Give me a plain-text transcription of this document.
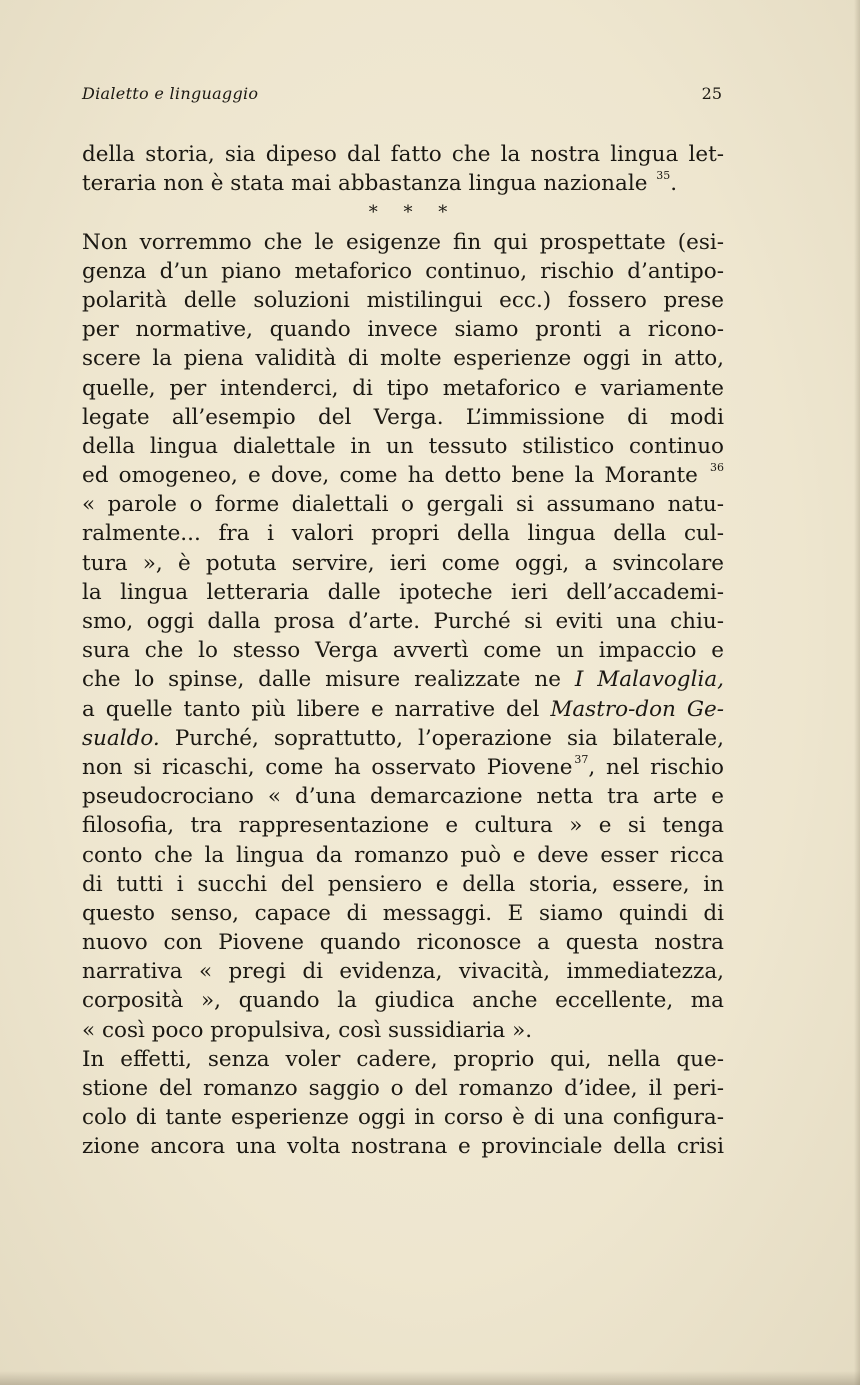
Dialetto e linguaggio	25
della storia, sia dipeso dal fatto che la nostra lingua let-
teraria non è stata mai abbastanza lingua nazionale $^{35}$.
* * *
Non vorremmo che le esigenze fin qui prospettate (esi-
genza d’un piano metaforico continuo, rischio d’antipo-
polarità delle soluzioni mistilingui ecc.) fossero prese
per normative, quando invece siamo pronti a ricono-
scere la piena validità di molte esperienze oggi in atto,
quelle, per intenderci, di tipo metaforico e variamente
legate all’esempio del Verga. L’immissione di modi
della lingua dialettale in un tessuto stilistico continuo
ed omogeneo, e dove, come ha detto bene la Morante $^{36}$
« parole o forme dialettali o gergali si assumano natu-
ralmente... fra i valori propri della lingua della cul-
tura », è potuta servire, ieri come oggi, a svincolare
la lingua letteraria dalle ipoteche ieri dell’accademi-
smo, oggi dalla prosa d’arte. Purché si eviti una chiu-
sura che lo stesso Verga avvertì come un impaccio e
che lo spinse, dalle misure realizzate ne I Malavoglia,
a quelle tanto più libere e narrative del Mastro-don Ge-
sualdo. Purché, soprattutto, l’operazione sia bilaterale,
non si ricaschi, come ha osservato Piovene $^{37}$, nel rischio
pseudocrociano « d’una demarcazione netta tra arte e
filosofia, tra rappresentazione e cultura » e si tenga
conto che la lingua da romanzo può e deve esser ricca
di tutti i succhi del pensiero e della storia, essere, in
questo senso, capace di messaggi. E siamo quindi di
nuovo con Piovene quando riconosce a questa nostra
narrativa « pregi di evidenza, vivacità, immediatezza,
corposità », quando la giudica anche eccellente, ma
« così poco propulsiva, così sussidiaria ».
In effetti, senza voler cadere, proprio qui, nella que-
stione del romanzo saggio o del romanzo d’idee, il peri-
colo di tante esperienze oggi in corso è di una configura-
zione ancora una volta nostrana e provinciale della crisi
